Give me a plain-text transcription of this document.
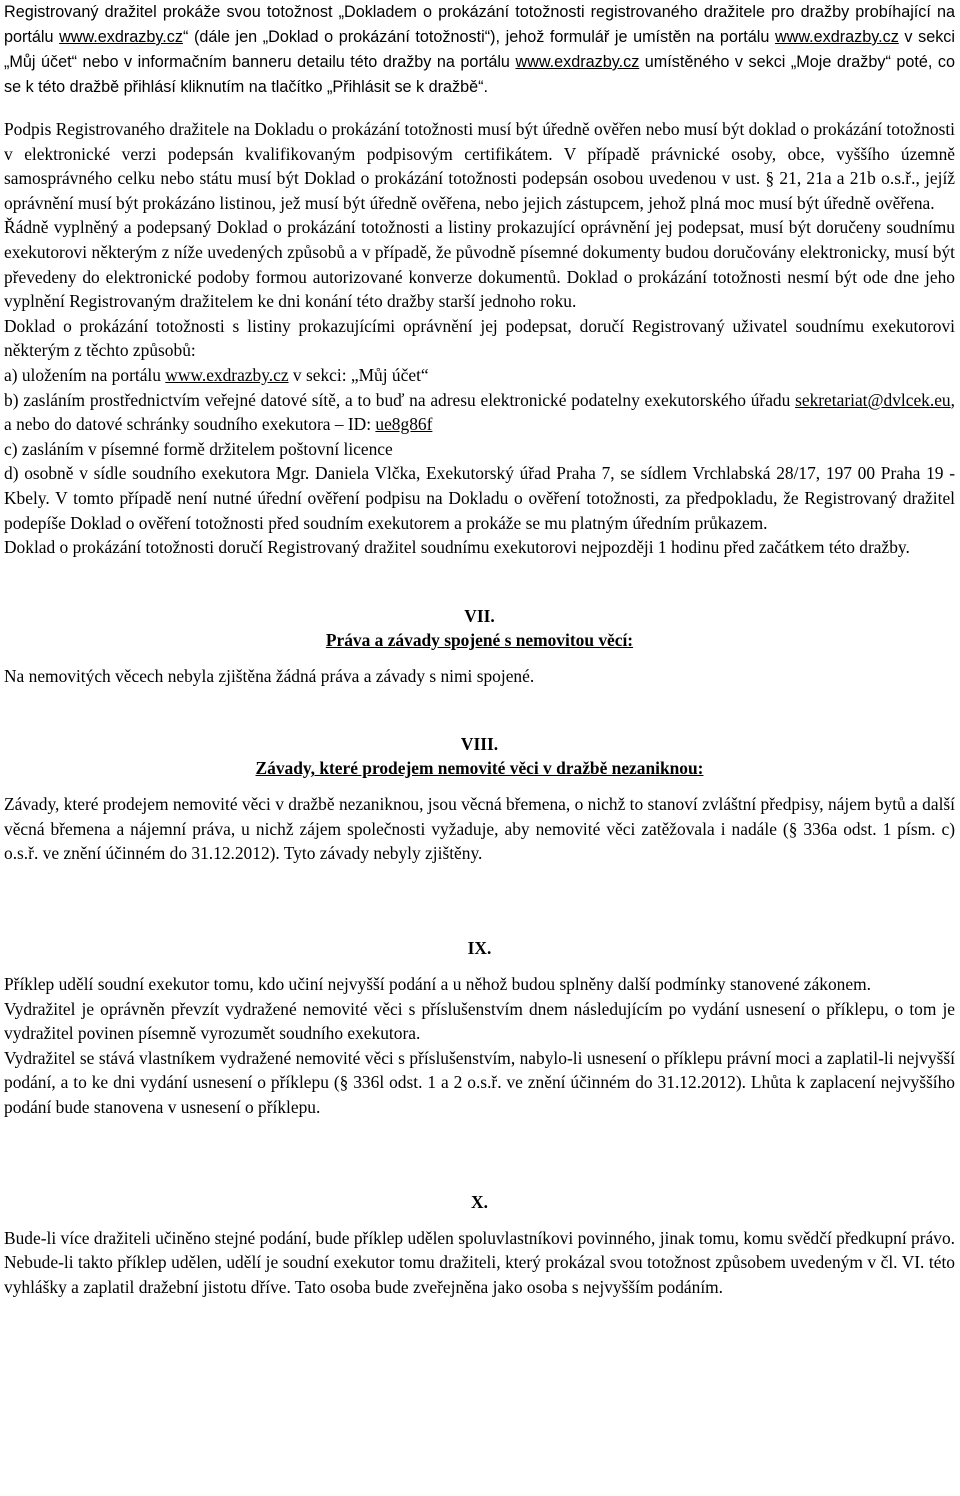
Registrovaný dražitel prokáže svou totožnost „Dokladem o prokázání totožnosti registrovaného dražitele pro dražby probíhající na portálu www.exdrazby.cz“ (dále jen „Doklad o prokázání totožnosti“), jehož formulář je umístěn na portálu www.exdrazby.cz v sekci „Můj účet“ nebo v informačním banneru detailu této dražby na portálu www.exdrazby.cz umístěného v sekci „Moje dražby“ poté, co se k této dražbě přihlásí kliknutím na tlačítko „Přihlásit se k dražbě“.

Podpis Registrovaného dražitele na Dokladu o prokázání totožnosti musí být úředně ověřen nebo musí být doklad o prokázání totožnosti v elektronické verzi podepsán kvalifikovaným podpisovým certifikátem. V případě právnické osoby, obce, vyššího územně samosprávného celku nebo státu musí být Doklad o prokázání totožnosti podepsán osobou uvedenou v ust. § 21, 21a a 21b o.s.ř., jejíž oprávnění musí být prokázáno listinou, jež musí být úředně ověřena, nebo jejich zástupcem, jehož plná moc musí být úředně ověřena.

Řádně vyplněný a podepsaný Doklad o prokázání totožnosti a listiny prokazující oprávnění jej podepsat, musí být doručeny soudnímu exekutorovi některým z níže uvedených způsobů a v případě, že původně písemné dokumenty budou doručovány elektronicky, musí být převedeny do elektronické podoby formou autorizované konverze dokumentů. Doklad o prokázání totožnosti nesmí být ode dne jeho vyplnění Registrovaným dražitelem ke dni konání této dražby starší jednoho roku.

Doklad o prokázání totožnosti s listiny prokazujícími oprávnění jej podepsat, doručí Registrovaný uživatel soudnímu exekutorovi některým z těchto způsobů:

a) uložením na portálu www.exdrazby.cz v sekci: „Můj účet“

b) zasláním prostřednictvím veřejné datové sítě, a to buď na adresu elektronické podatelny exekutorského úřadu sekretariat@dvlcek.eu, a nebo do datové schránky soudního exekutora – ID: ue8g86f

c) zasláním v písemné formě držitelem poštovní licence

d) osobně v sídle soudního exekutora Mgr. Daniela Vlčka, Exekutorský úřad Praha 7, se sídlem Vrchlabská 28/17, 197 00 Praha 19 - Kbely. V tomto případě není nutné úřední ověření podpisu na Dokladu o ověření totožnosti, za předpokladu, že Registrovaný dražitel podepíše Doklad o ověření totožnosti před soudním exekutorem a prokáže se mu platným úředním průkazem.

Doklad o prokázání totožnosti doručí Registrovaný dražitel soudnímu exekutorovi nejpozději 1 hodinu před začátkem této dražby.

VII.
Práva a závady spojené s nemovitou věcí:

Na nemovitých věcech nebyla zjištěna žádná práva a závady s nimi spojené.

VIII.
Závady, které prodejem nemovité věci v dražbě nezaniknou:

Závady, které prodejem nemovité věci v dražbě nezaniknou, jsou věcná břemena, o nichž to stanoví zvláštní předpisy, nájem bytů a další věcná břemena a nájemní práva, u nichž zájem společnosti vyžaduje, aby nemovité věci zatěžovala i nadále (§ 336a odst. 1 písm. c) o.s.ř. ve znění účinném do 31.12.2012). Tyto závady nebyly zjištěny.

IX.

Příklep udělí soudní exekutor tomu, kdo učiní nejvyšší podání a u něhož budou splněny další podmínky stanovené zákonem.

Vydražitel je oprávněn převzít vydražené nemovité věci s příslušenstvím dnem následujícím po vydání usnesení o příklepu, o tom je vydražitel povinen písemně vyrozumět soudního exekutora.

Vydražitel se stává vlastníkem vydražené nemovité věci s příslušenstvím, nabylo-li usnesení o příklepu právní moci a zaplatil-li nejvyšší podání, a to ke dni vydání usnesení o příklepu (§ 336l odst. 1 a 2 o.s.ř. ve znění účinném do 31.12.2012). Lhůta k zaplacení nejvyššího podání bude stanovena v usnesení o příklepu.

X.

Bude-li více dražiteli učiněno stejné podání, bude příklep udělen spoluvlastníkovi povinného, jinak tomu, komu svědčí předkupní právo. Nebude-li takto příklep udělen, udělí je soudní exekutor tomu dražiteli, který prokázal svou totožnost způsobem uvedeným v čl. VI. této vyhlášky a zaplatil dražební jistotu dříve. Tato osoba bude zveřejněna jako osoba s nejvyšším podáním.
